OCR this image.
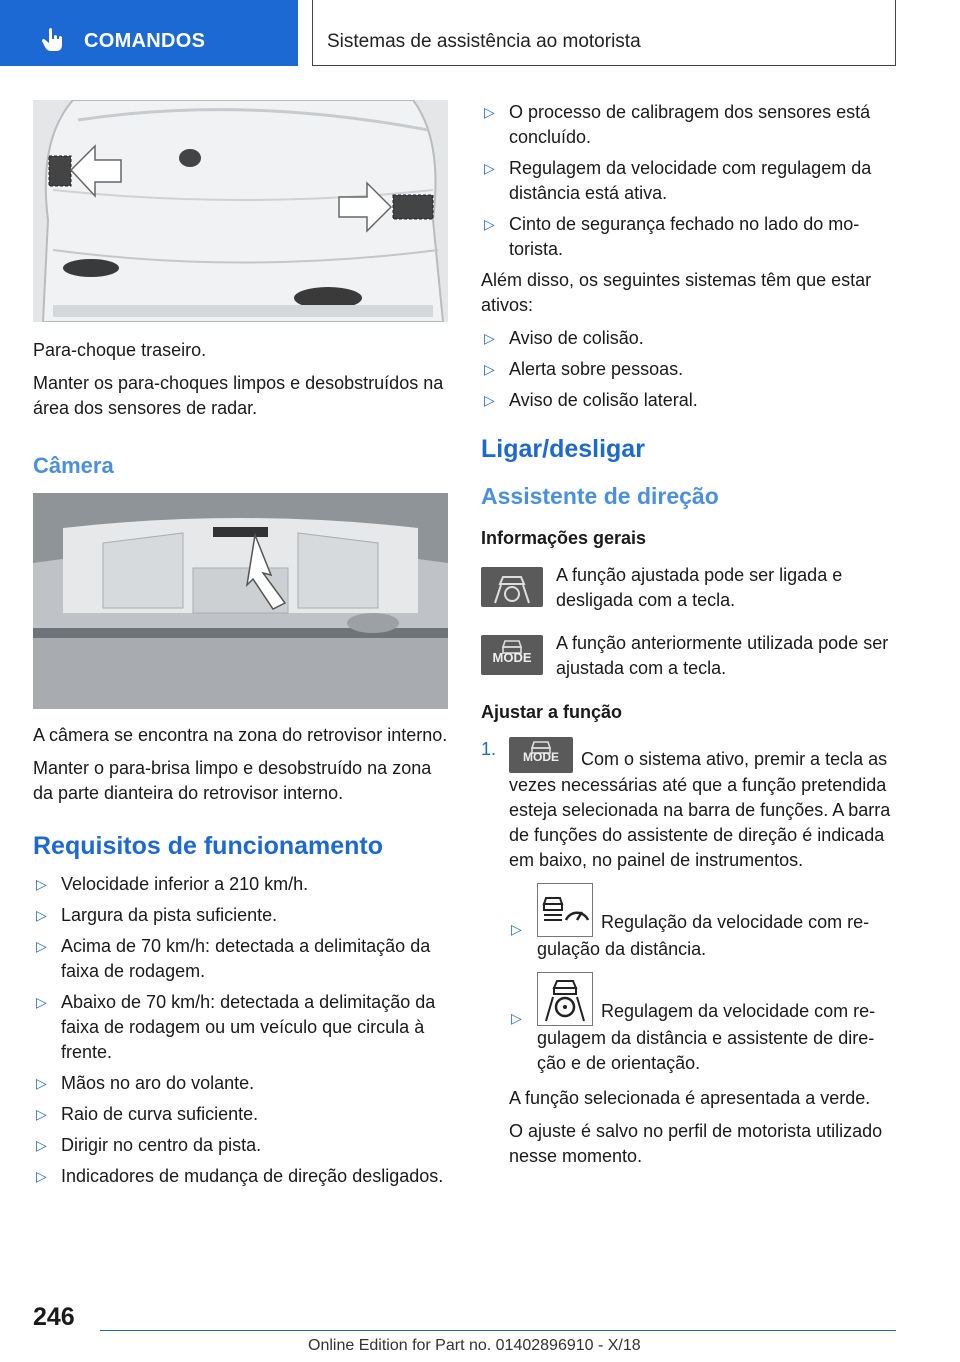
COMANDOS	Sistemas de assistência ao motorista

Para-choque traseiro.

Manter os para-choques limpos e desobstruídos na área dos sensores de radar.

Câmera

A câmera se encontra na zona do retrovisor interno.

Manter o para-brisa limpo e desobstruído na zona da parte dianteira do retrovisor interno.

Requisitos de funcionamento
▷ Velocidade inferior a 210 km/h.
▷ Largura da pista suficiente.
▷ Acima de 70 km/h: detectada a delimitação da faixa de rodagem.
▷ Abaixo de 70 km/h: detectada a delimitação da faixa de rodagem ou um veículo que circula à frente.
▷ Mãos no aro do volante.
▷ Raio de curva suficiente.
▷ Dirigir no centro da pista.
▷ Indicadores de mudança de direção desligados.
▷ O processo de calibragem dos sensores está concluído.
▷ Regulagem da velocidade com regulagem da distância está ativa.
▷ Cinto de segurança fechado no lado do motorista.

Além disso, os seguintes sistemas têm que estar ativos:

▷ Aviso de colisão.
▷ Alerta sobre pessoas.
▷ Aviso de colisão lateral.
Ligar/desligar
Assistente de direção
Informações gerais

A função ajustada pode ser ligada e desligada com a tecla.

MODE

A função anteriormente utilizada pode ser ajustada com a tecla.

Ajustar a função
1.	MODE	Com o sistema ativo, premir a tecla as vezes necessárias até que a função pretendida esteja selecionada na barra de funções. A barra de funções do assistente de direção é indicada em baixo, no painel de instrumentos.
▷	Regulação da velocidade com regulação da distância.
▷	Regulagem da velocidade com regulagem da distância e assistente de direção e de orientação.

A função selecionada é apresentada a verde.

O ajuste é salvo no perfil de motorista utilizado nesse momento.

246
Online Edition for Part no. 01402896910 - X/18
